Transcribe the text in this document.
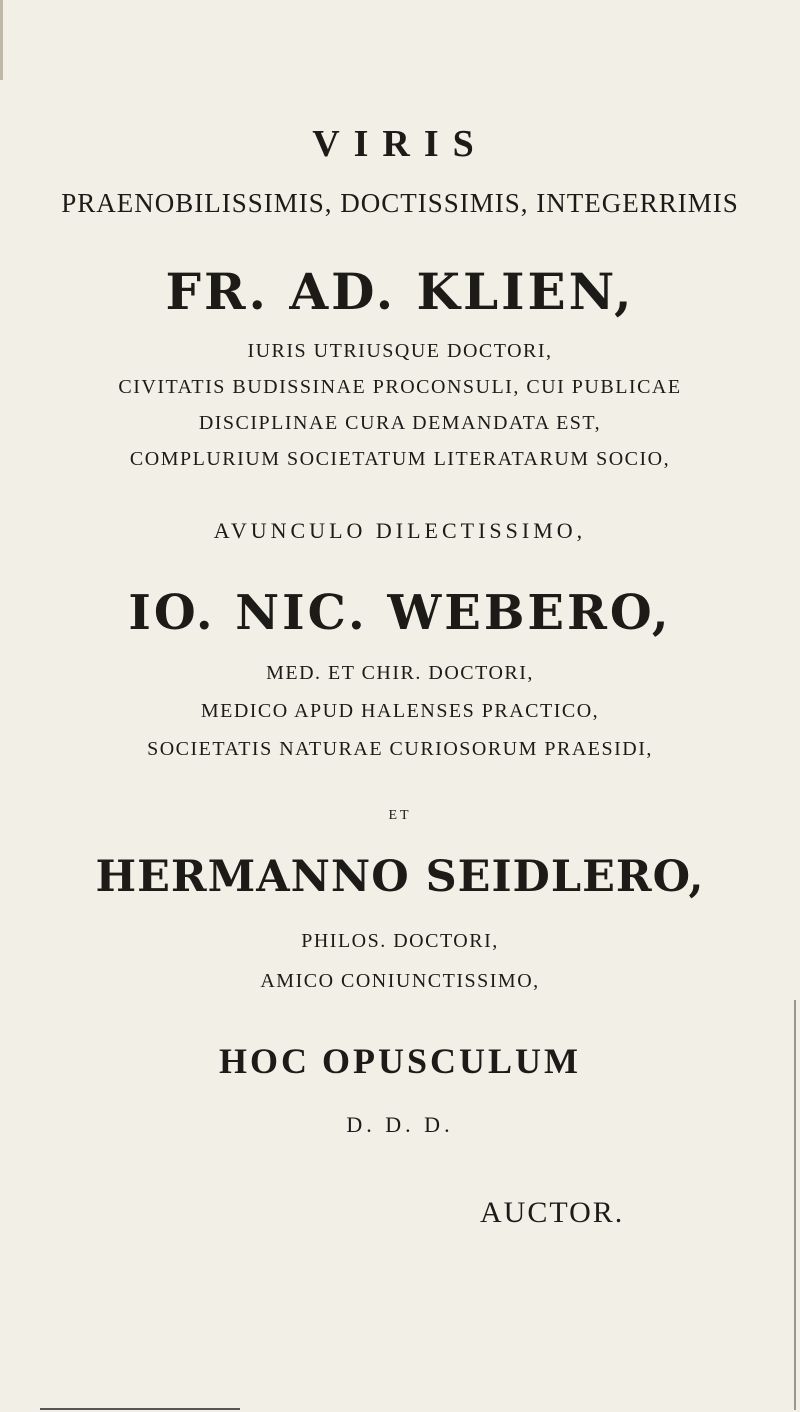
VIRIS
PRAENOBILISSIMIS, DOCTISSIMIS, INTEGERRIMIS
FR. AD. KLIEN,
IURIS UTRIUSQUE DOCTORI,
CIVITATIS BUDISSINAE PROCONSULI, CUI PUBLICAE
DISCIPLINAE CURA DEMANDATA EST,
COMPLURIUM SOCIETATUM LITERATARUM SOCIO,
AVUNCULO DILECTISSIMO,
IO. NIC. WEBERO,
MED. ET CHIR. DOCTORI,
MEDICO APUD HALENSES PRACTICO,
SOCIETATIS NATURAE CURIOSORUM PRAESIDI,
ET
HERMANNO SEIDLERO,
PHILOS. DOCTORI,
AMICO CONIUNCTISSIMO,
HOC OPUSCULUM
D. D. D.
AUCTOR.
